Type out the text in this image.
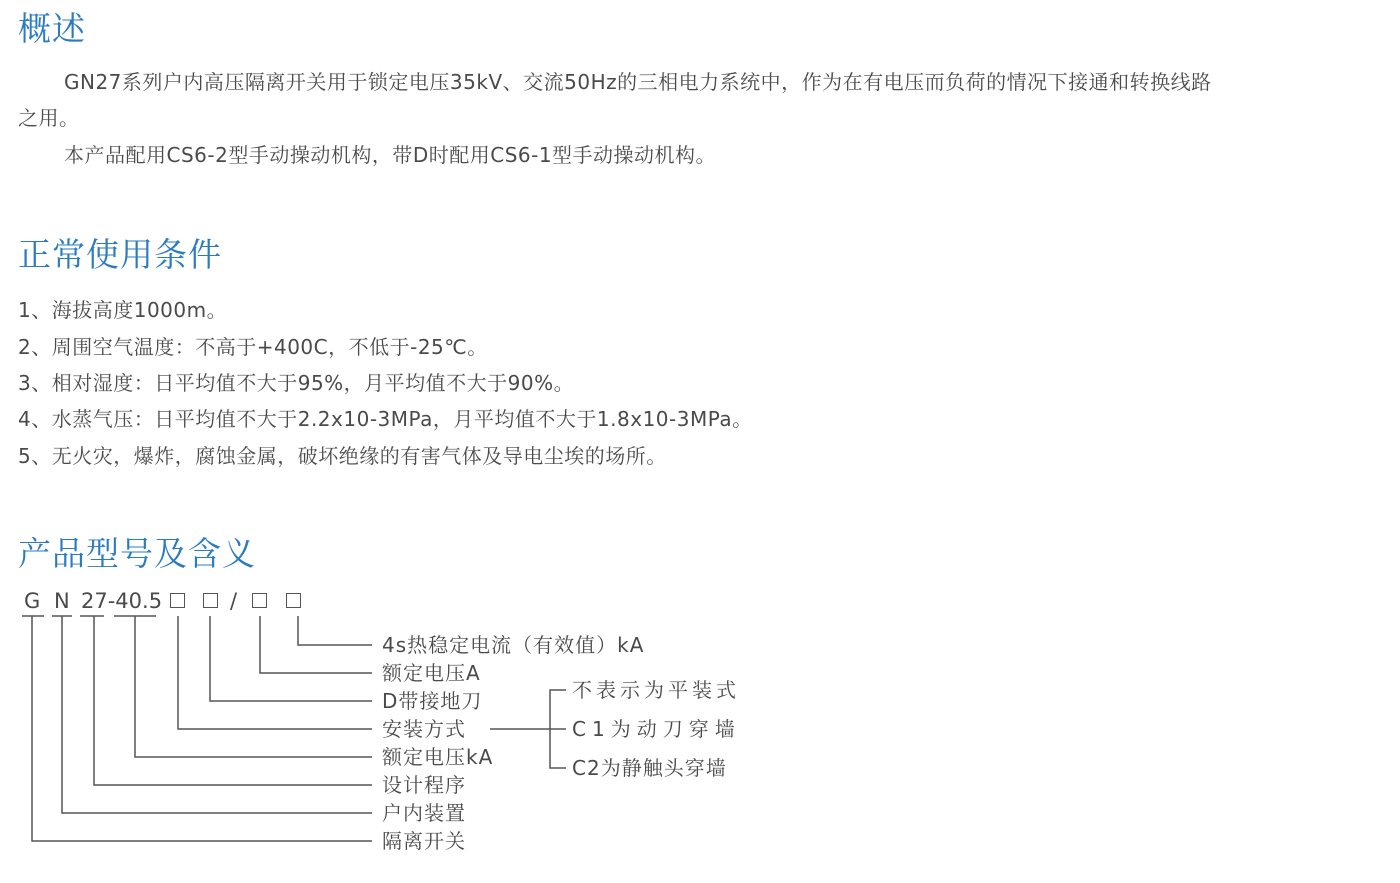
概述

GN27系列户内高压隔离开关用于锁定电压35kV、交流50Hz的三相电力系统中，作为在有电压而负荷的情况下接通和转换线路

之用。

本产品配用CS6-2型手动操动机构，带D时配用CS6-1型手动操动机构。

正常使用条件
1、海拔高度1000m。
2、周围空气温度：不高于+400C，不低于-25℃。
3、相对湿度：日平均值不大于95%，月平均值不大于90%。
4、水蒸气压：日平均值不大于2.2x10-3MPa，月平均值不大于1.8x10-3MPa。
5、无火灾，爆炸，腐蚀金属，破坏绝缘的有害气体及导电尘埃的场所。
产品型号及含义
G N 27-40.5	/
4s热稳定电流（有效值）kA
额定电压A
D带接地刀
安装方式
额定电压kA
设计程序
户内装置
隔离开关
不表示为平装式
C1为动刀穿墙
C2为静触头穿墙
